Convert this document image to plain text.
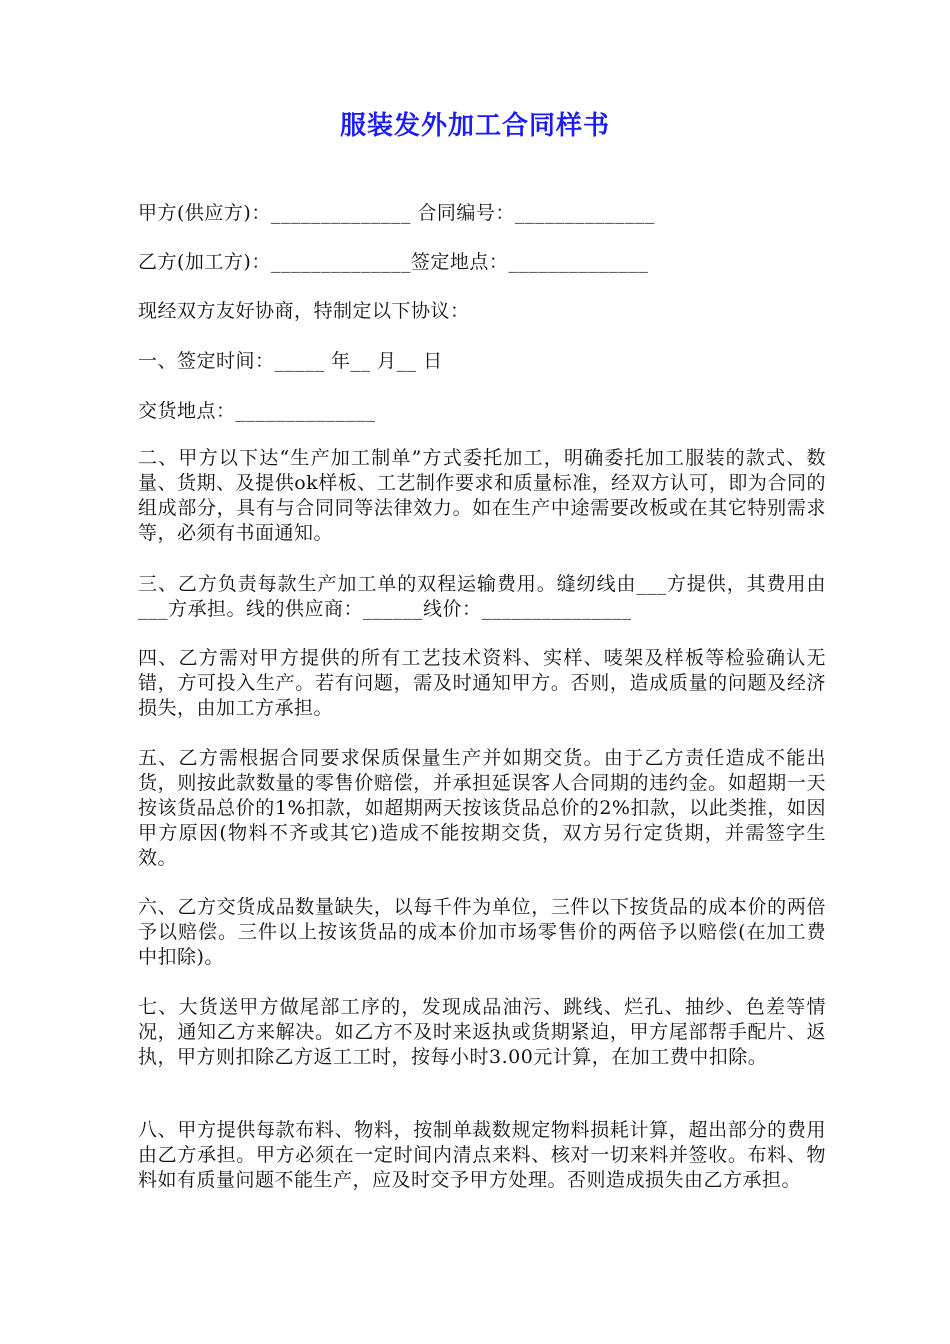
服装发外加工合同样书
甲方(供应方)：______________ 合同编号：______________
乙方(加工方)：______________签定地点：______________
现经双方友好协商，特制定以下协议：
一、签定时间：_____ 年__ 月__ 日
交货地点：______________
二、甲方以下达“生产加工制单”方式委托加工，明确委托加工服装的款式、数量、货期、及提供ok样板、工艺制作要求和质量标准，经双方认可，即为合同的组成部分，具有与合同同等法律效力。如在生产中途需要改板或在其它特别需求等，必须有书面通知。
三、乙方负责每款生产加工单的双程运输费用。缝纫线由___方提供，其费用由___方承担。线的供应商：______线价：_______________
四、乙方需对甲方提供的所有工艺技术资料、实样、唛架及样板等检验确认无错，方可投入生产。若有问题，需及时通知甲方。否则，造成质量的问题及经济损失，由加工方承担。
五、乙方需根据合同要求保质保量生产并如期交货。由于乙方责任造成不能出货，则按此款数量的零售价赔偿，并承担延误客人合同期的违约金。如超期一天按该货品总价的1%扣款，如超期两天按该货品总价的2%扣款，以此类推，如因甲方原因(物料不齐或其它)造成不能按期交货，双方另行定货期，并需签字生效。
六、乙方交货成品数量缺失，以每千件为单位，三件以下按货品的成本价的两倍予以赔偿。三件以上按该货品的成本价加市场零售价的两倍予以赔偿(在加工费中扣除)。
七、大货送甲方做尾部工序的，发现成品油污、跳线、烂孔、抽纱、色差等情况，通知乙方来解决。如乙方不及时来返执或货期紧迫，甲方尾部帮手配片、返执，甲方则扣除乙方返工工时，按每小时3.00元计算，在加工费中扣除。
八、甲方提供每款布料、物料，按制单裁数规定物料损耗计算，超出部分的费用由乙方承担。甲方必须在一定时间内清点来料、核对一切来料并签收。布料、物料如有质量问题不能生产，应及时交予甲方处理。否则造成损失由乙方承担。
